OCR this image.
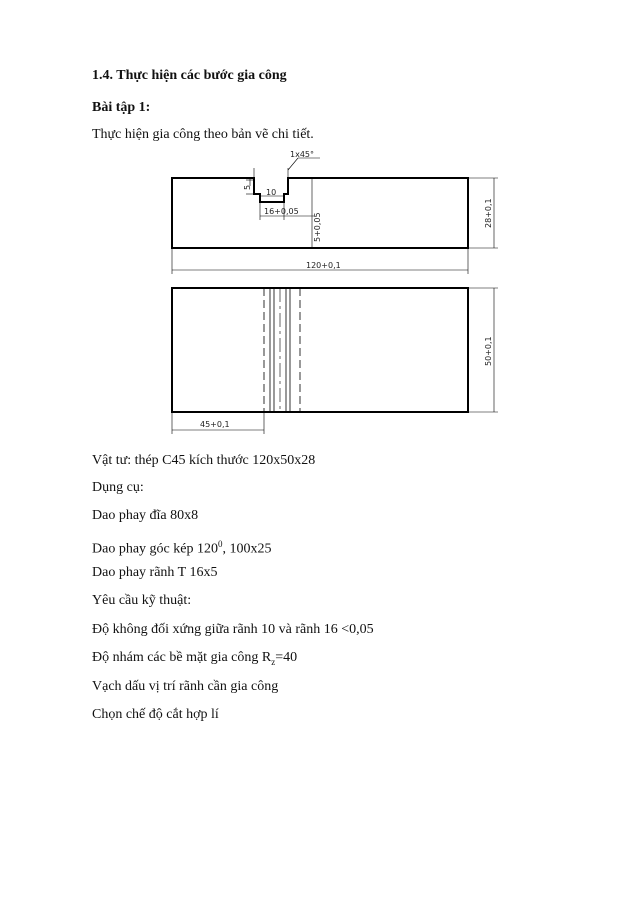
1.4. Thực hiện các bước gia công
Bài tập 1:
Thực hiện gia công theo bản vẽ chi tiết.
1x45°
5
10
16+0,05
5+0,05	28+0,1
120+0,1
50+0,1
45+0,1
Vật tư: thép C45 kích thước 120x50x28
Dụng cụ:
Dao phay đĩa 80x8
Dao phay góc kép $120^0$, 100x25
Dao phay rãnh T 16x5
Yêu cầu kỹ thuật:
Độ không đối xứng giữa rãnh 10 và rãnh 16 <0,05
Độ nhám các bề mặt gia công $R_z=40$
Vạch dấu vị trí rãnh cần gia công
Chọn chế độ cắt hợp lí
